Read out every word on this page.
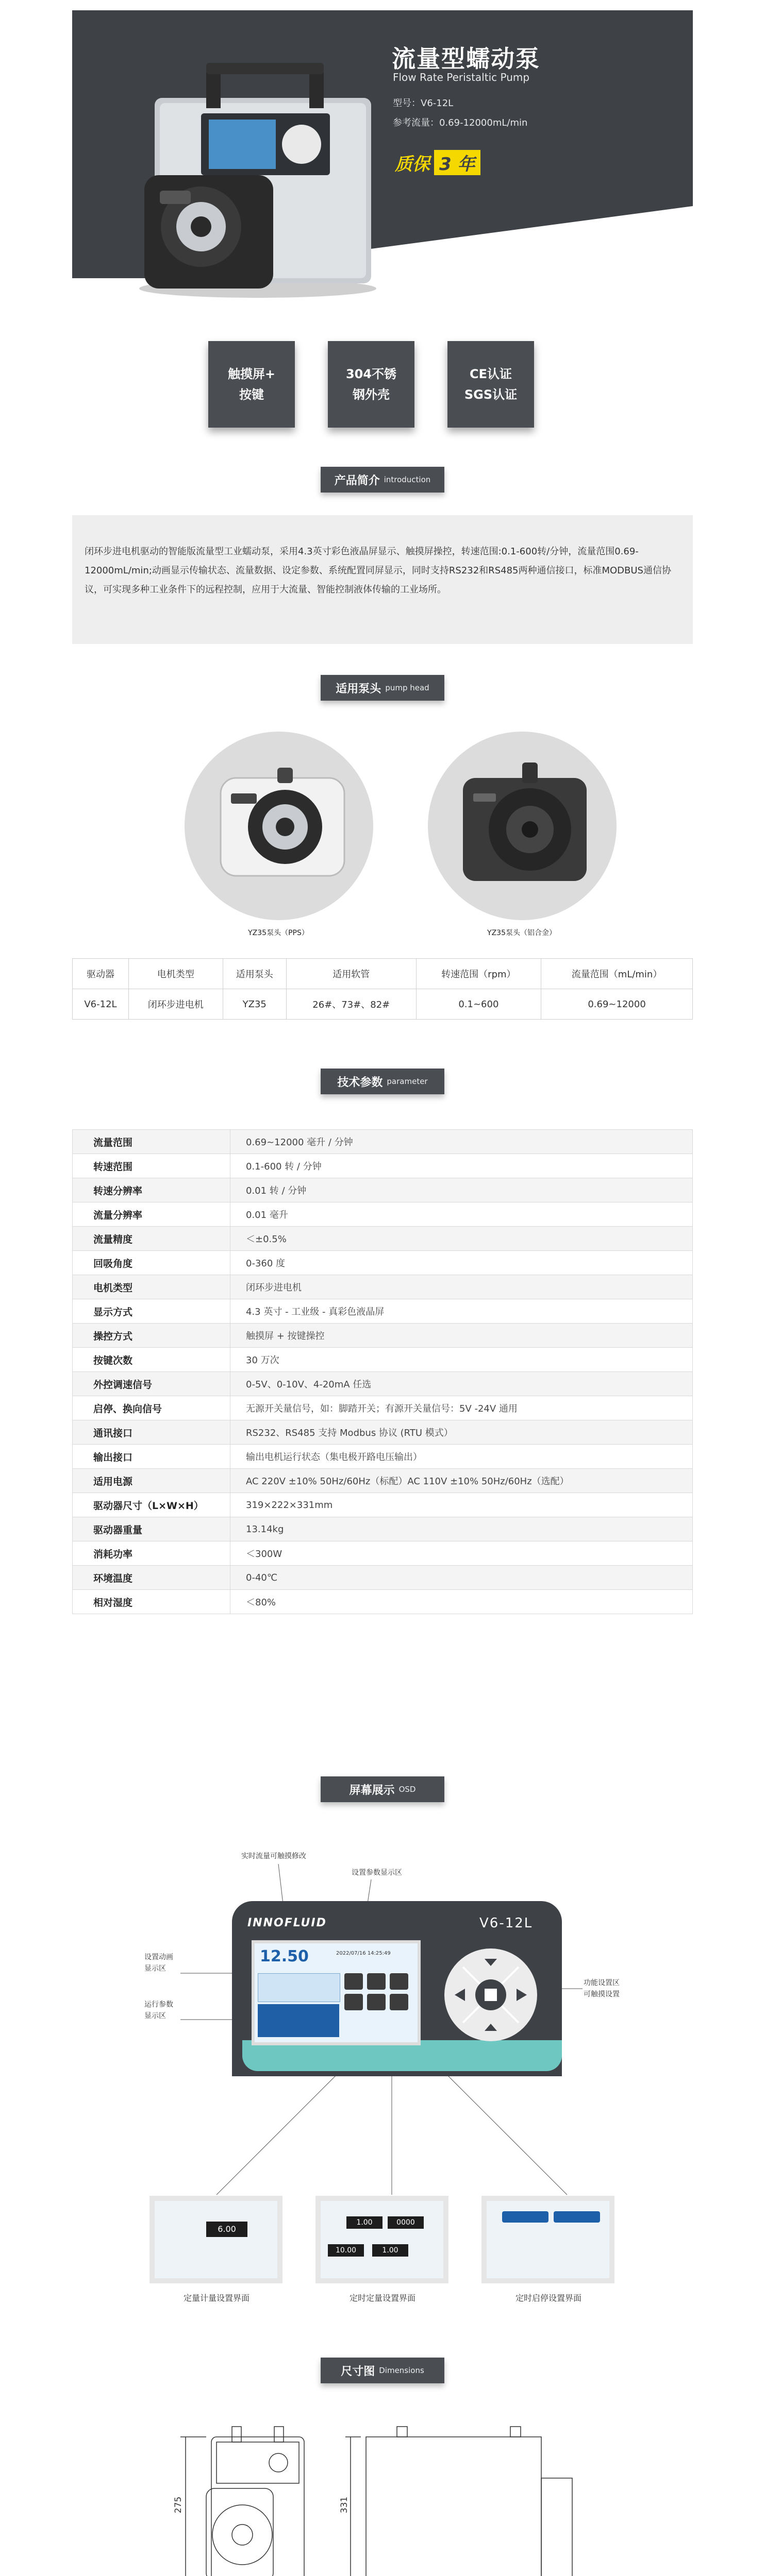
流量型蠕动泵
Flow Rate Peristaltic Pump
型号：V6-12L
参考流量：0.69-12000mL/min
质保 3 年
触摸屏+
按键
304不锈
钢外壳
CE认证
SGS认证
产品简介 introduction
闭环步进电机驱动的智能版流量型工业蠕动泵，采用4.3英寸彩色液晶屏显示、触摸屏操控，转速范围:0.1-600转/分钟，流量范围0.69-12000mL/min;动画显示传输状态、流量数据、设定参数、系统配置同屏显示，同时支持RS232和RS485两种通信接口，标准MODBUS通信协议，可实现多种工业条件下的远程控制，应用于大流量、智能控制液体传输的工业场所。
适用泵头 pump head
YZ35泵头（PPS）	YZ35泵头（铝合金）
驱动器	电机类型	适用泵头	适用软管	转速范围（rpm）	流量范围（mL/min）
V6-12L	闭环步进电机	YZ35	26#、73#、82#	0.1~600	0.69~12000
技术参数 parameter
流量范围	0.69~12000 毫升 / 分钟
转速范围	0.1-600 转 / 分钟
转速分辨率	0.01 转 / 分钟
流量分辨率	0.01 毫升
流量精度	＜±0.5%
回吸角度	0-360 度
电机类型	闭环步进电机
显示方式	4.3 英寸 - 工业级 - 真彩色液晶屏
操控方式	触摸屏 + 按键操控
按键次数	30 万次
外控调速信号	0-5V、0-10V、4-20mA 任选
启停、换向信号	无源开关量信号，如：脚踏开关；有源开关量信号：5V -24V 通用
通讯接口	RS232、RS485 支持 Modbus 协议 (RTU 模式）
输出接口	输出电机运行状态（集电极开路电压输出）
适用电源	AC 220V ±10% 50Hz/60Hz（标配）AC 110V ±10% 50Hz/60Hz（选配）
驱动器尺寸（L×W×H）	319×222×331mm
驱动器重量	13.14kg
消耗功率	＜300W
环境温度	0-40℃
相对湿度	＜80%
屏幕展示 OSD
实时流量可触摸修改
设置参数显示区
设置动画
显示区
运行参数
显示区
功能设置区
可触摸设置
INNOFLUID	V6-12L
12.50	2022/07/16 14:25:49
6.00
0000
1.00
10.00	1.00
定量计量设置界面	定时定量设置界面	定时启停设置界面
尺寸图 Dimensions
275	331
